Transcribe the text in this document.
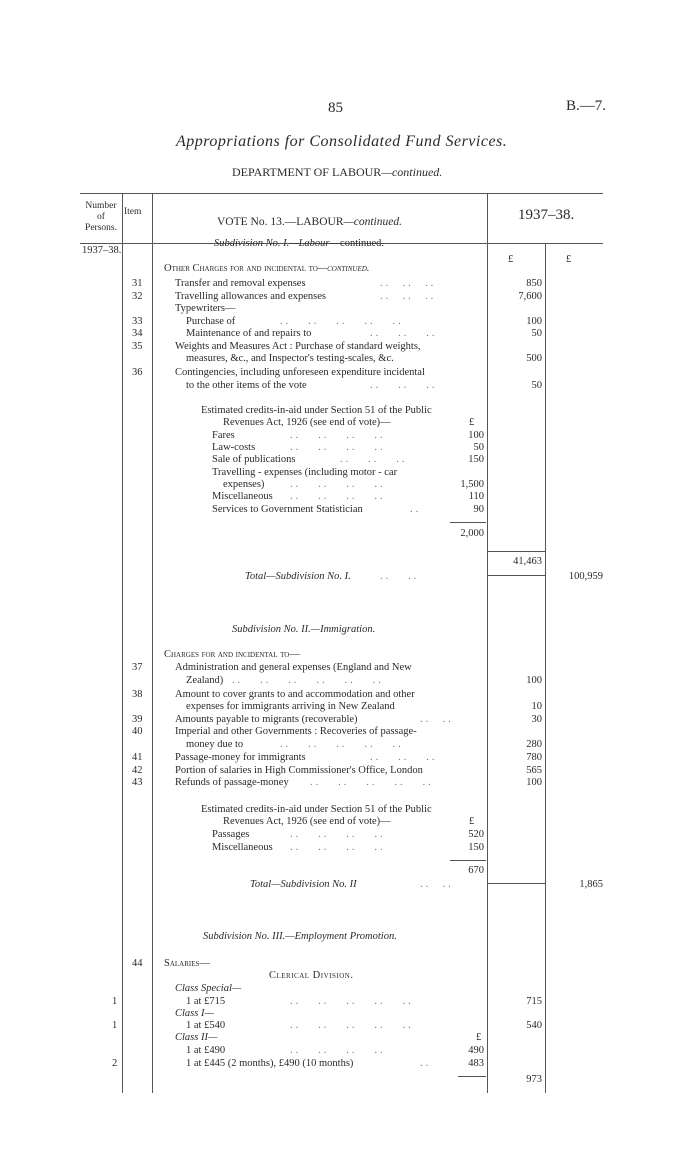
85	B.—7.
Appropriations for Consolidated Fund Services.
DEPARTMENT OF LABOUR—continued.
Number
of
Persons.
Item	1937–38.
VOTE No. 13.—LABOUR—continued.
1937–38.
Subdivision No. I.—Labour—continued.
£	£
Other Charges for and incidental to—continued.
31	Transfer and removal expenses	..  ..  ..	850
32	Travelling allowances and expenses	..  ..  ..	7,600
Typewriters—
33	Purchase of	..   ..   ..   ..   ..	100
34	Maintenance of and repairs to	..   ..   ..	50
35	Weights and Measures Act : Purchase of standard weights,
measures, &c., and Inspector's testing-scales, &c.	500
36	Contingencies, including unforeseen expenditure incidental
to the other items of the vote	..   ..   ..	50
Estimated credits-in-aid under Section 51 of the Public
Revenues Act, 1926 (see end of vote)—	£
Fares	..   ..   ..   ..	100
Law-costs	..   ..   ..   ..	50
Sale of publications	..   ..   ..	150
Travelling - expenses (including motor - car
expenses) ..   ..   ..   ..	1,500
Miscellaneous ..   ..   ..   ..	110
Services to Government Statistician	..	90
2,000
41,463
Total—Subdivision No. I.	..   ..	100,959
Subdivision No. II.—Immigration.
Charges for and incidental to—
37	Administration and general expenses (England and New
Zealand) ..   ..   ..   ..   ..   ..	100
38	Amount to cover grants to and accommodation and other
expenses for immigrants arriving in New Zealand	10
39	Amounts payable to migrants (recoverable)	..  ..	30
40	Imperial and other Governments : Recoveries of passage-
money due to	..   ..   ..   ..   ..	280
41	Passage-money for immigrants	..   ..   ..	780
42	Portion of salaries in High Commissioner's Office, London	565
43	Refunds of passage-money ..   ..   ..   ..   ..	100
Estimated credits-in-aid under Section 51 of the Public
Revenues Act, 1926 (see end of vote)—	£
Passages	..   ..   ..   ..	520
Miscellaneous ..   ..   ..   ..	150
670
Total—Subdivision No. II	..  ..	1,865
Subdivision No. III.—Employment Promotion.
44 Salaries—
Clerical Division.
Class Special—
1	1 at £715	..   ..   ..   ..   ..	715
Class I—
1	1 at £540	..   ..   ..   ..   ..	540
Class II—	£
1 at £490	..   ..   ..   ..	490
2	1 at £445 (2 months), £490 (10 months)	..	483
973
